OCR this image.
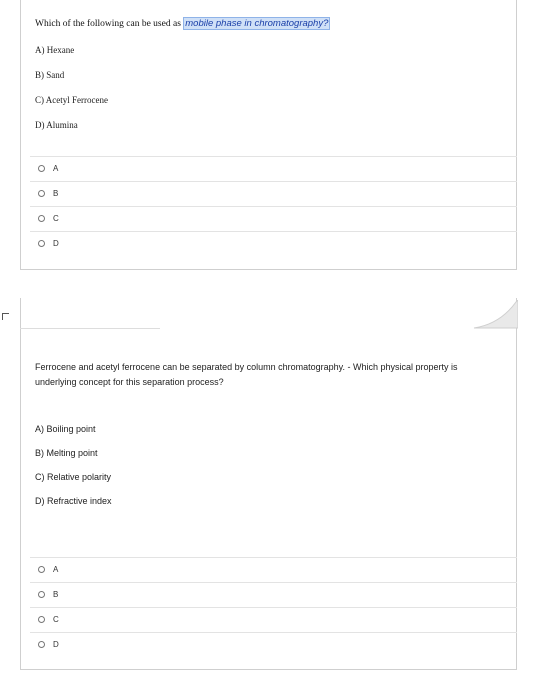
Which of the following can be used as mobile phase in chromatography?
A) Hexane
B) Sand
C) Acetyl Ferrocene
D) Alumina
A
B
C
D
Ferrocene and acetyl ferrocene can be separated by column chromatography. - Which physical property is underlying concept for this separation process?
A) Boiling point
B) Melting point
C) Relative polarity
D) Refractive index
A
B
C
D
